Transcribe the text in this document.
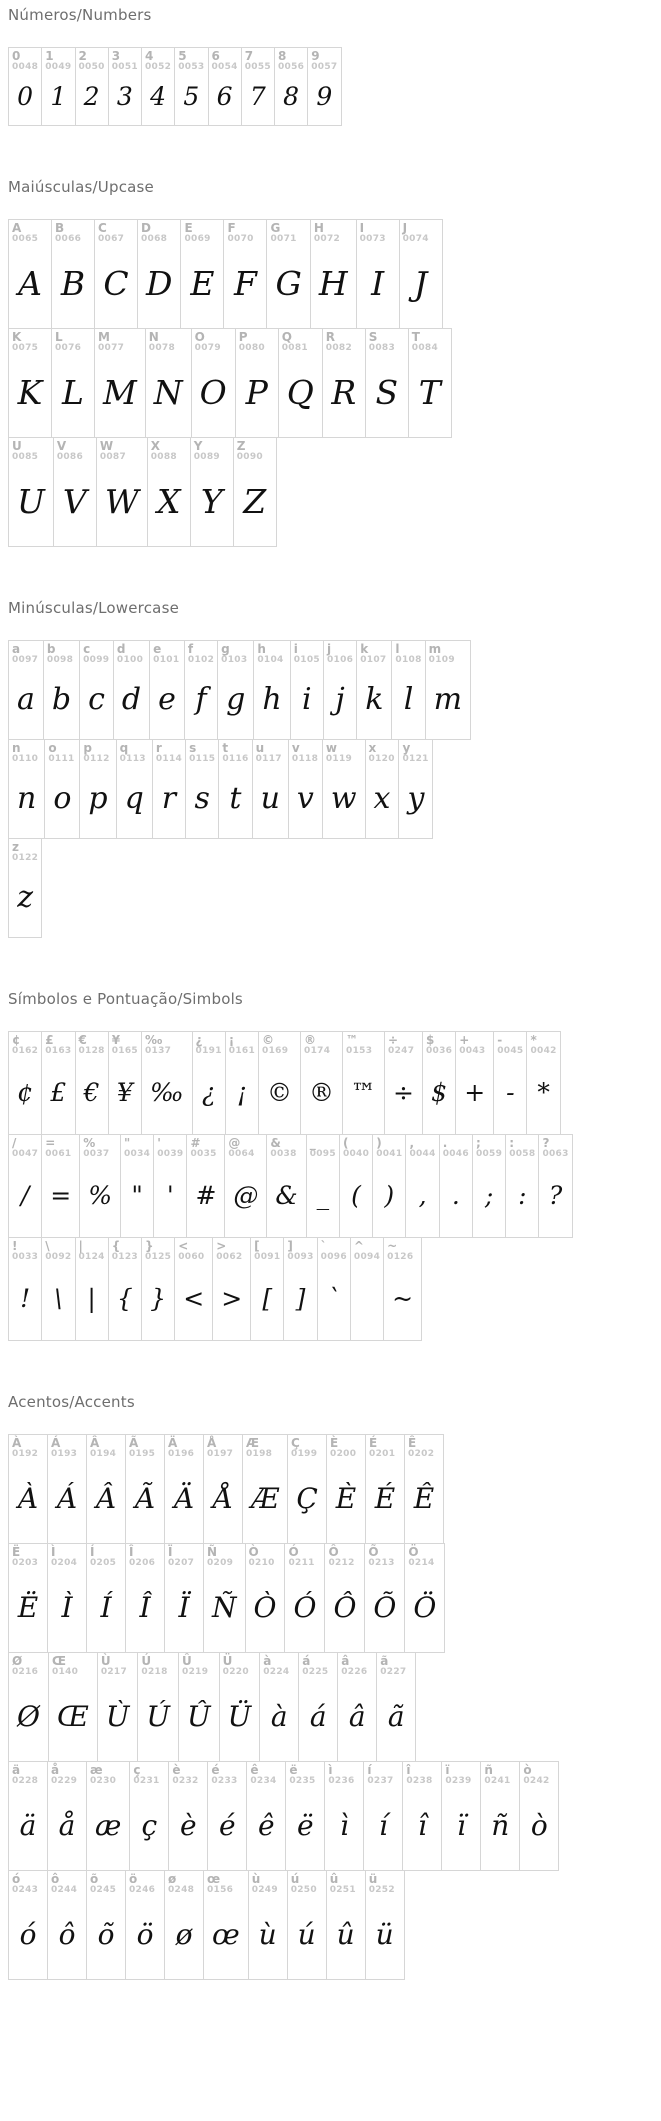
Números/Numbers
0
0048
0
1
0049
1
2
0050
2
3
0051
3
4
0052
4
5
0053
5
6
0054
6
7
0055
7
8
0056
8
9
0057
9
Maiúsculas/Upcase
A
0065
A
B
0066
B
C
0067
C
D
0068
D
E
0069
E
F
0070
F
G
0071
G
H
0072
H
I
0073
I
J
0074
J
K
0075
K
L
0076
L
M
0077
M
N
0078
N
O
0079
O
P
0080
P
Q
0081
Q
R
0082
R
S
0083
S
T
0084
T
U
0085
U
V
0086
V
W
0087
W
X
0088
X
Y
0089
Y
Z
0090
Z
Minúsculas/Lowercase
a
0097
a
b
0098
b
c
0099
c
d
0100
d
e
0101
e
f
0102
f
g
0103
g
h
0104
h
i
0105
i
j
0106
j
k
0107
k
l
0108
l
m
0109
m
n
0110
n
o
0111
o
p
0112
p
q
0113
q
r
0114
r
s
0115
s
t
0116
t
u
0117
u
v
0118
v
w
0119
w
x
0120
x
y
0121
y
z
0122
z
Símbolos e Pontuação/Simbols
¢
0162
¢
£
0163
£
€
0128
€
¥
0165
¥
‰
0137
‰
¿
0191
¿
¡
0161
¡
©
0169
©
®
0174
®
™
0153
™
÷
0247
÷
$
0036
$
+
0043
+
-
0045
-
*
0042
*
/
0047
/
=
0061
=
%
0037
%
"
0034
"
'
0039
'
#
0035
#
@
0064
@
&
0038
&
_
0095
_
(
0040
(
)
0041
)
,
0044
,
.
0046
.
;
0059
;
:
0058
:
?
0063
?
!
0033
!
\
0092
\
|
0124
|
{
0123
{
}
0125
}
<
0060
<
>
0062
>
[
0091
[
]
0093
]
`
0096
`
^
0094
~
0126
~
Acentos/Accents
À
0192
À
Á
0193
Á
Â
0194
Â
Ã
0195
Ã
Ä
0196
Ä
Å
0197
Å
Æ
0198
Æ
Ç
0199
Ç
È
0200
È
É
0201
É
Ê
0202
Ê
Ë
0203
Ë
Ì
0204
Ì
Í
0205
Í
Î
0206
Î
Ï
0207
Ï
Ñ
0209
Ñ
Ò
0210
Ò
Ó
0211
Ó
Ô
0212
Ô
Õ
0213
Õ
Ö
0214
Ö
Ø
0216
Ø
Œ
0140
Œ
Ù
0217
Ù
Ú
0218
Ú
Û
0219
Û
Ü
0220
Ü
à
0224
à
á
0225
á
â
0226
â
ã
0227
ã
ä
0228
ä
å
0229
å
æ
0230
æ
ç
0231
ç
è
0232
è
é
0233
é
ê
0234
ê
ë
0235
ë
ì
0236
ì
í
0237
í
î
0238
î
ï
0239
ï
ñ
0241
ñ
ò
0242
ò
ó
0243
ó
ô
0244
ô
õ
0245
õ
ö
0246
ö
ø
0248
ø
œ
0156
œ
ù
0249
ù
ú
0250
ú
û
0251
û
ü
0252
ü
